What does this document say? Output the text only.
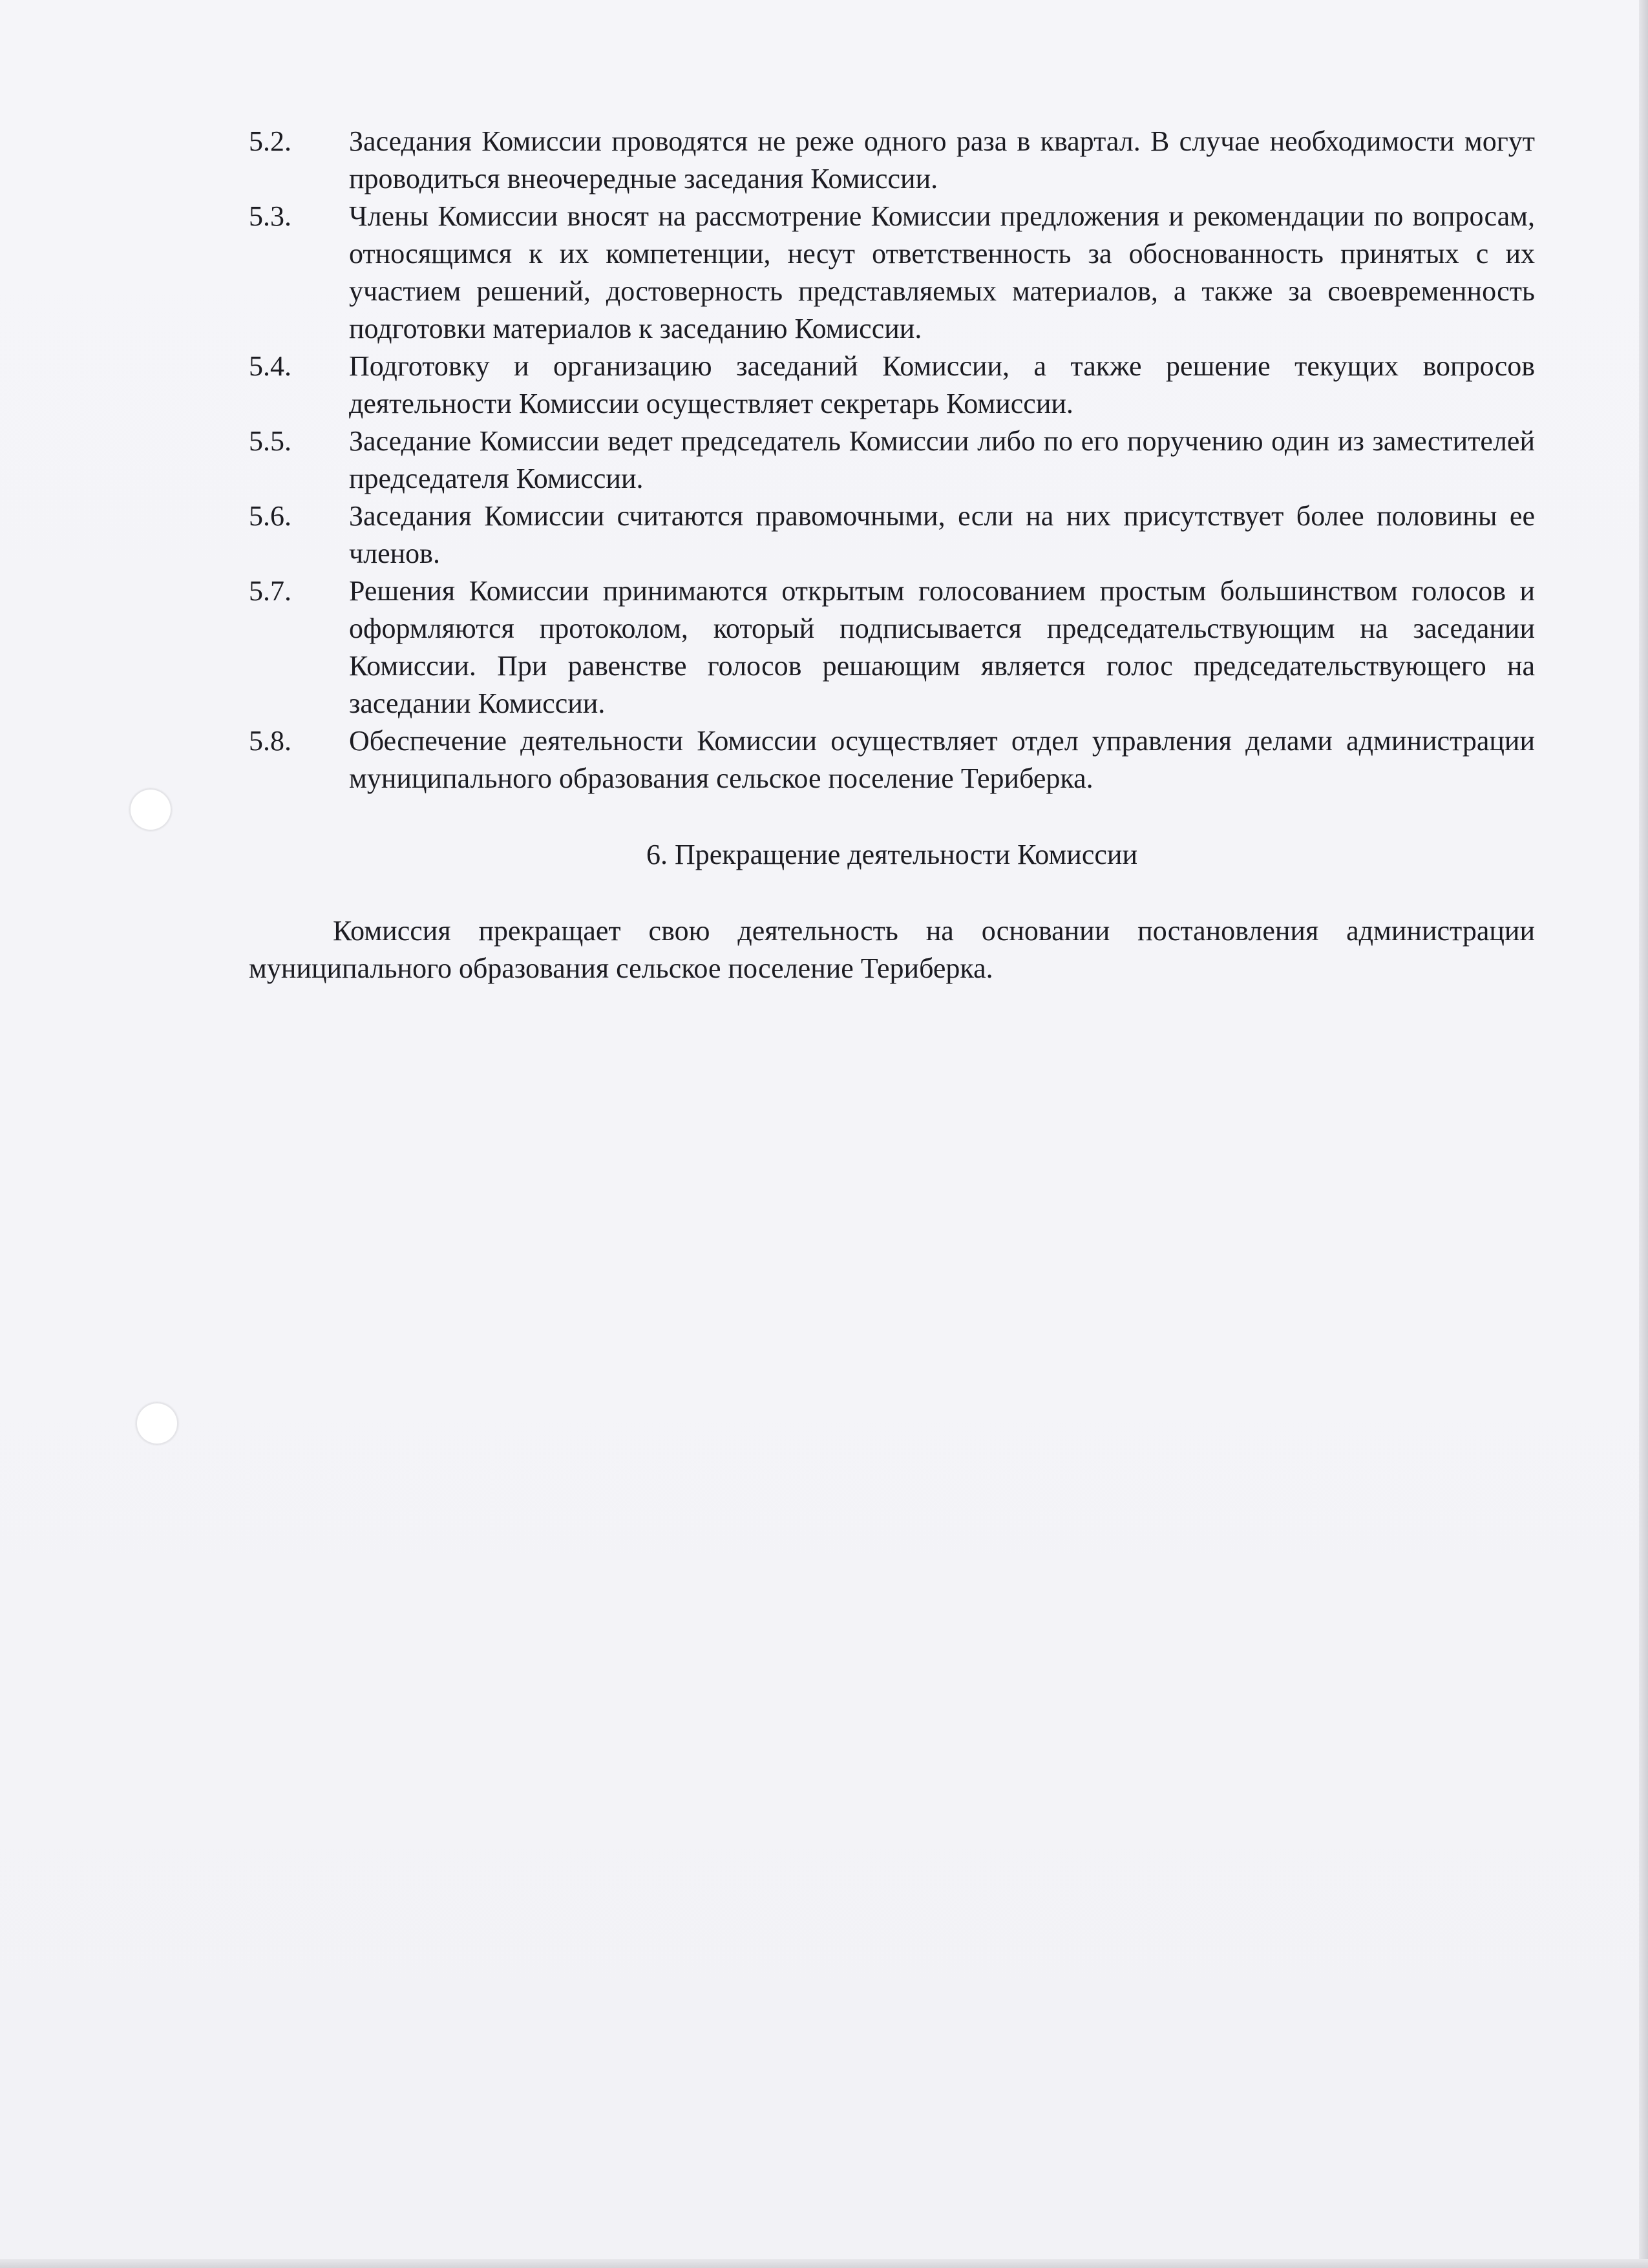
5.2.	Заседания Комиссии проводятся не реже одного раза в квартал. В случае необходимости могут проводиться внеочередные заседания Комиссии.

5.3.	Члены Комиссии вносят на рассмотрение Комиссии предложения и рекомендации по вопросам, относящимся к их компетенции, несут ответственность за обоснованность принятых с их участием решений, достоверность представляемых материалов, а также за своевременность подготовки материалов к заседанию Комиссии.

5.4.	Подготовку и организацию заседаний Комиссии, а также решение текущих вопросов деятельности Комиссии осуществляет секретарь Комиссии.

5.5.	Заседание Комиссии ведет председатель Комиссии либо по его поручению один из заместителей председателя Комиссии.

5.6.	Заседания Комиссии считаются правомочными, если на них присутствует более половины ее членов.

5.7.	Решения Комиссии принимаются открытым голосованием простым большинством голосов и оформляются протоколом, который подписывается председательствующим на заседании Комиссии. При равенстве голосов решающим является голос председательствующего на заседании Комиссии.

5.8.	Обеспечение деятельности Комиссии осуществляет отдел управления делами администрации муниципального образования сельское поселение Териберка.

6. Прекращение деятельности Комиссии

Комиссия прекращает свою деятельность на основании постановления администрации муниципального образования сельское поселение Териберка.
